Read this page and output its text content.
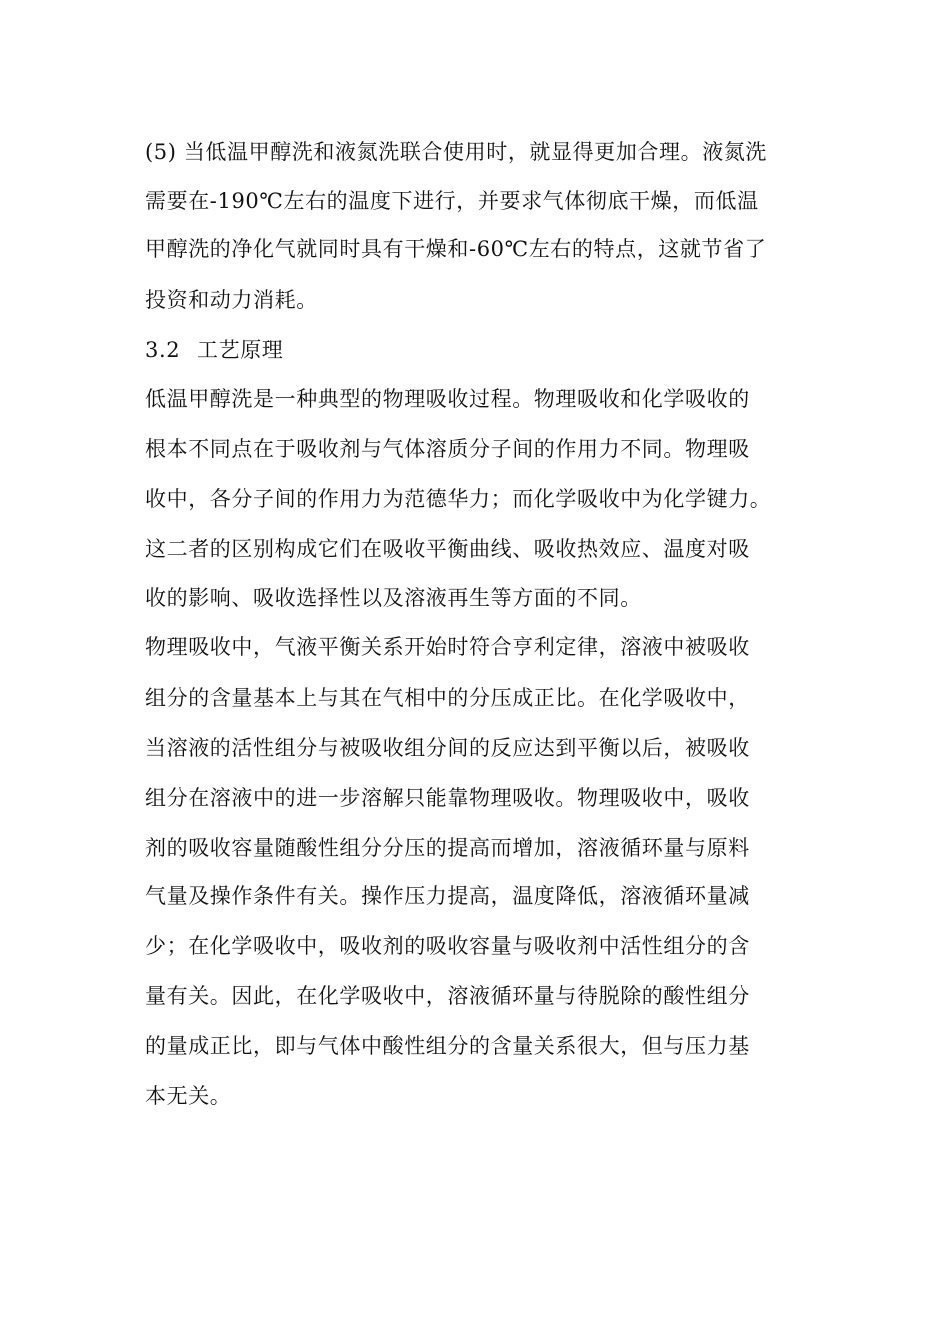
(5) 当低温甲醇洗和液氮洗联合使用时，就显得更加合理。液氮洗
需要在-190℃左右的温度下进行，并要求气体彻底干燥，而低温
甲醇洗的净化气就同时具有干燥和-60℃左右的特点，这就节省了
投资和动力消耗。
3.2 工艺原理
低温甲醇洗是一种典型的物理吸收过程。物理吸收和化学吸收的
根本不同点在于吸收剂与气体溶质分子间的作用力不同。物理吸
收中，各分子间的作用力为范德华力；而化学吸收中为化学键力。
这二者的区别构成它们在吸收平衡曲线、吸收热效应、温度对吸
收的影响、吸收选择性以及溶液再生等方面的不同。
物理吸收中，气液平衡关系开始时符合亨利定律，溶液中被吸收
组分的含量基本上与其在气相中的分压成正比。在化学吸收中，
当溶液的活性组分与被吸收组分间的反应达到平衡以后，被吸收
组分在溶液中的进一步溶解只能靠物理吸收。物理吸收中，吸收
剂的吸收容量随酸性组分分压的提高而增加，溶液循环量与原料
气量及操作条件有关。操作压力提高，温度降低，溶液循环量减
少；在化学吸收中，吸收剂的吸收容量与吸收剂中活性组分的含
量有关。因此，在化学吸收中，溶液循环量与待脱除的酸性组分
的量成正比，即与气体中酸性组分的含量关系很大，但与压力基
本无关。
